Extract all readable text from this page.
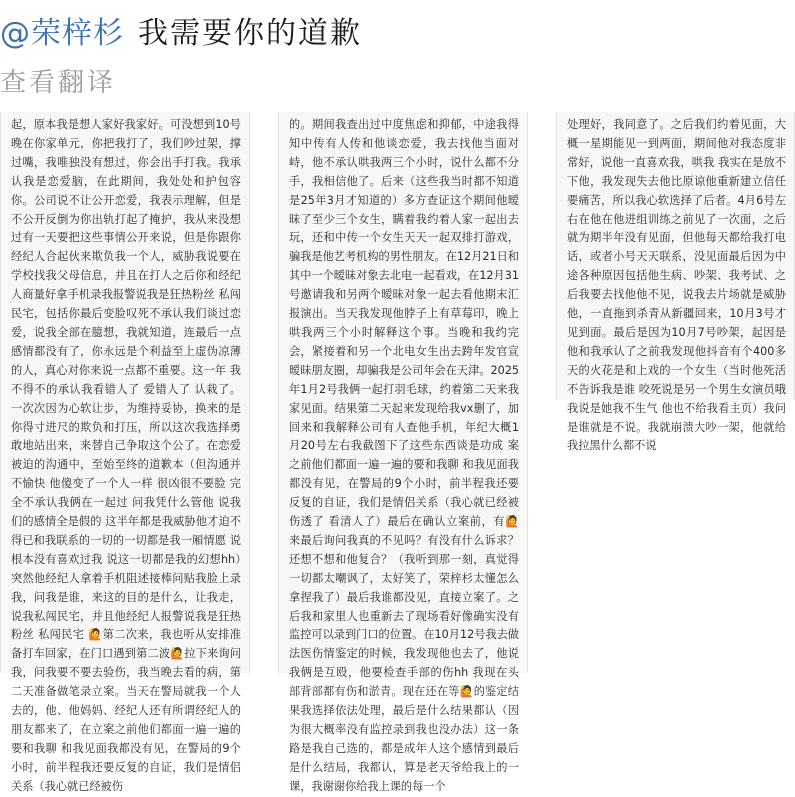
@荣梓杉 我需要你的道歉
查看翻译

起，原本我是想人家好我家好。可没想到10号晚在你家单元，你把我打了，我们吵过架，撑过嘴，我唯独没有想过，你会出手打我。我承认我是恋爱脑，在此期间，我处处和护包容你。公司说不让公开恋爱，我表示理解，但是不公开反倒为你出轨打起了掩护，我从来没想过有一天要把这些事情公开来说，但是你跟你经纪人合起伙来欺负我一个人，威胁我说要在学校找我父母信息，并且在打人之后你和经纪人商量好拿手机录我报警说我是狂热粉丝 私闯民宅，包括你最后变脸叹死不承认我们谈过恋爱，说我全部在臆想，我就知道，连最后一点感情都没有了，你永远是个利益至上虚伪凉薄的人，真心对你来说一点都不重要。这一年 我不得不的承认我看错人了 爱错人了 认栽了。一次次因为心软让步，为维持妥协，换来的是你得寸进尺的欺负和打压，所以这次我选择勇敢地站出来，来替自己争取这个公了。在恋爱被迫的沟通中，至始至终的道歉本（但沟通并不愉快 他傻变了一个人一样 很凶很不要脸 完全不承认我俩在一起过 问我凭什么管他 说我们的感情全是假的 这半年都是我威胁他才迫不得已和我联系的一切的一切都是我一厢情愿 说根本没有喜欢过我 说这一切都是我的幻想hh）突然他经纪人拿着手机阻述接棒问贴我脸上录我，问我是谁，来这的目的是什么，让我走，说我私闯民宅，并且他经纪人报警说我是狂热粉丝 私闯民宅 🙋第二次来，我也听从安排准备打车回家，在门口遇到第二波🙋拉下来询问我，问我要不要去验伤，我当晚去看的病，第二天准备做笔录立案。当天在警局就我一个人去的，他、他妈妈、经纪人还有所谓经纪人的朋友都来了，在立案之前他们都面一遍一遍的要和我聊 和我见面我都没有见，在警局的9个小时，前半程我还要反复的自证，我们是情侣关系（我心就已经被伤

的。期间我查出过中度焦虑和抑郁，中途我得知中传有人传和他谈恋爱，我去找他当面对峙，他不承认哄我两三个小时，说什么都不分手，我相信他了。后来（这些我当时都不知道 是25年3月才知道的）多方查证这个期间他暧昧了至少三个女生，瞒着我约着人家一起出去玩，还和中传一个女生天天一起双排打游戏，骗我是他艺考机构的男性朋友。在12月21日和其中一个暧昧对象去北电一起看戏，在12月31号邀请我和另两个暧昧对象一起去看他期末汇报演出。当天我发现他脖子上有草莓印，晚上哄我两三个小时解释这个事。当晚和我约完会，紧接着和另一个北电女生出去跨年发官宣暧昧朋友圈，却骗我是公司年会在天津。2025年1月2号我俩一起打羽毛球，约着第二天来我家见面。结果第二天起来发现给我vx删了，加回来和我解释公司有人查他手机，年纪大概1月20号左右我截图下了这些东西谈是功成 案之前他们都面一遍一遍的要和我聊 和我见面我都没有见，在警局的9个小时，前半程我还要反复的自证，我们是情侣关系（我心就已经被伤透了 看清人了）最后在确认立案前，有🙋来最后询问我真的不见吗？有没有什么诉求？还想不想和他复合？（我听到那一刻，真觉得一切都太嘲讽了，太好笑了，荣梓杉太懂怎么拿捏我了）最后我谁都没见，直接立案了。之后我和家里人也重新去了现场看好像确实没有监控可以录到门口的位置。在10月12号我去做法医伤情鉴定的时候，我发现他也去了，他说我俩是互殴，他要检查手部的伤hh 我现在头部背部都有伤和淤青。现在还在等🙋的鉴定结果我选择依法处理，最后是什么结果都认（因为很大概率没有监控录到我也没办法）这一条路是我自己选的，都是成年人这个感情到最后是什么结局，我都认，算是老天爷给我上的一课，我谢谢你给我上课的每一个

处理好，我同意了。之后我们约着见面，大概一星期能见一到两面，期间他对我态度非常好，说他一直喜欢我，哄我 我实在是放不下他，我发现失去他比原谅他重新建立信任要痛苦，所以我心软选择了后者。4月6号左右在他在他进组训练之前见了一次面，之后就为期半年没有见面，但他每天都给我打电话，或者小号天天联系，没见面最后因为中途各种原因包括他生病、吵架、我考试、之后我要去找他他不见，说我去片场就是威胁他，一直拖到杀青从新疆回来，10月3号才见到面。最后是因为10月7号吵架，起因是他和我承认了之前我发现他抖音有个400多天的火花是和上戏的一个女生（当时他死活不告诉我是谁 咬死说是另一个男生女演员哦 我说是她我不生气 他也不给我看主页）我问是谁就是不说。我就崩溃大吵一架，他就给我拉黑什么都不说
